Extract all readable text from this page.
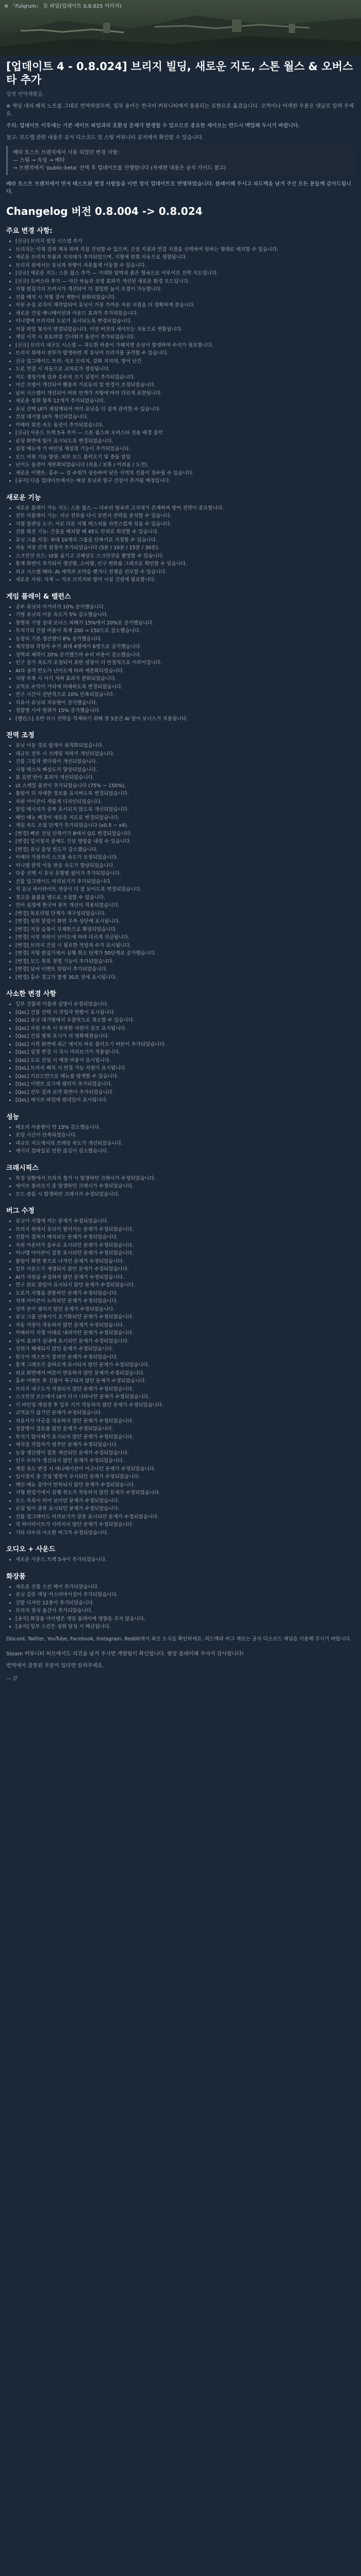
※ 「Fulqrum」 등 파일(업데이트 0.8.025 이미지)
[업데이트 4 - 0.8.024] 브리지 빌딩, 새로운 지도, 스톤 월스 & 오버스타 추가
업뎃 번역해봤음.

※ 게임 내의 패치 노트를 그대로 번역하였으며, 일부 용어는 한국어 커뮤니티에서 통용되는 표현으로 옮겼습니다. 오역이나 어색한 부분은 댓글로 알려 주세요.

주의: 업데이트 이후에는 기존 세이브 파일과의 호환성 문제가 발생할 수 있으므로 중요한 세이브는 반드시 백업해 두시기 바랍니다.

참고: 로드맵 관련 내용은 공식 디스코드 및 스팀 커뮤니티 공지에서 확인할 수 있습니다.

베타 토스트 브랜치에서 사용 되었던 변경 사항:
— 스팀 → 속성 → 베타
→ 브랜치에서 ‘public-beta’ 선택 후 업데이트를 진행합니다 (자세한 내용은 공식 가이드 참고)

베타 토스트 브랜치에서 먼저 테스트된 변경 사항들을 이번 정식 업데이트로 반영하였습니다. 플레이해 주시고 피드백을 남겨 주신 모든 분들께 감사드립니다.

Changelog 버전 0.8.004 -> 0.8.024
주요 변경 사항:
• [신규] 브리지 빌딩 시스템 추가
• 브리지는 이제 강과 계곡 위에 직접 건설할 수 있으며, 건설 지점과 연결 지점을 선택하여 원하는 형태로 배치할 수 있습니다.
• 새로운 브리지 부품과 지지대가 추가되었으며, 지형에 맞춰 자동으로 정렬됩니다.
• 브리지 위에서는 유닛과 차량이 자유롭게 이동할 수 있습니다.
• [신규] 새로운 지도: 스톤 월스 추가 — 거대한 암벽과 좁은 협곡으로 이루어진 전략 지도입니다.
• [신규] 오버스타 추가 — 야간 하늘과 조명 효과가 개선된 새로운 환경 모드입니다.
• 지형 편집기의 브러시가 개선되어 더 정밀한 높이 조절이 가능합니다.
• 건물 배치 시 지형 경사 제한이 완화되었습니다.
• 자원 수집 로직이 재작업되어 유닛이 가장 가까운 자원 지점을 더 정확하게 찾습니다.
• 새로운 건설 애니메이션과 사운드 효과가 추가되었습니다.
• 미니맵에 브리지와 도로가 표시되도록 변경되었습니다.
• 저장 파일 형식이 변경되었습니다. 이전 버전의 세이브는 자동으로 변환됩니다.
• 게임 시작 시 튜토리얼 건너뛰기 옵션이 추가되었습니다.
• [신규] 브리지 내구도 시스템 — 과도한 하중이 가해지면 손상이 발생하며 수리가 필요합니다.
• 브리지 위에서 전투가 발생하면 적 유닛이 브리지를 공격할 수 있습니다.
• 신규 업그레이드 트리: 석조 브리지, 강화 지지대, 방어 난간
• 도로 연결 시 자동으로 교차로가 생성됩니다.
• 지도 생성기에 강과 호수의 크기 설정이 추가되었습니다.
• 야간 조명이 개선되어 횃불과 가로등의 빛 반경이 조정되었습니다.
• 날씨 시스템이 개선되어 비와 안개가 지형에 따라 다르게 표현됩니다.
• 새로운 성취 항목 12개가 추가되었습니다.
• 유닛 선택 UI가 재설계되어 여러 유닛을 더 쉽게 관리할 수 있습니다.
• 건설 대기열 UI가 개선되었습니다.
• 카메라 회전 속도 옵션이 추가되었습니다.
• [신규] 사운드 트랙 5곡 추가 — 스톤 월스와 오버스타 전용 배경 음악
• 로딩 화면에 팁이 표시되도록 변경되었습니다.
• 설정 메뉴에 키 바인딩 재설정 기능이 추가되었습니다.
• 모드 지원 기능 향상: 외부 모드 불러오기 및 충돌 알림
• 난이도 옵션이 세분화되었습니다 (쉬움 / 보통 / 어려움 / 도전).
• 새로운 이벤트: 홍수 — 강 수위가 상승하여 낮은 지역의 건물이 침수될 수 있습니다.
• [공지] 다음 업데이트에서는 해상 유닛과 항구 건설이 추가될 예정입니다.
새로운 기능
• 새로운 플레이 가능 지도: 스톤 월스 — 다수의 협곡과 고지대가 존재하며 방어 전략이 중요합니다.
• 전투 리플레이 기능: 지난 전투를 다시 보면서 전략을 분석할 수 있습니다.
• 지형 블렌딩 도구: 서로 다른 지형 텍스처를 자연스럽게 섞을 수 있습니다.
• 건물 회전 기능: 건물을 배치할 때 45도 단위로 회전할 수 있습니다.
• 유닛 그룹 지정: 최대 10개의 그룹을 단축키로 지정할 수 있습니다.
• 자동 저장 간격 설정이 추가되었습니다 (5분 / 10분 / 15분 / 30분).
• 스크린샷 모드: UI를 숨기고 고해상도 스크린샷을 촬영할 수 있습니다.
• 통계 화면이 추가되어 생산량, 소비량, 인구 변화를 그래프로 확인할 수 있습니다.
• 외교 시스템 베타: AI 세력과 조약을 맺거나 전쟁을 선포할 수 있습니다.
• 새로운 자원: 석재 — 석조 브리지와 방어 시설 건설에 필요합니다.
게임 플레이 & 밸런스
• 궁수 유닛의 사거리가 10% 증가했습니다.
• 기병 유닛의 이동 속도가 5% 감소했습니다.
• 창병의 기병 상대 보너스 피해가 15%에서 20%로 증가했습니다.
• 투석기의 건설 비용이 목재 200 → 150으로 감소했습니다.
• 농장의 기본 생산량이 8% 증가했습니다.
• 채석장의 작업자 수가 최대 4명에서 6명으로 증가했습니다.
• 성벽의 체력이 20% 증가했으며 수리 비용이 감소했습니다.
• 인구 증가 속도가 조정되어 초반 성장이 더 안정적으로 이루어집니다.
• AI의 공격 빈도가 난이도에 따라 세분화되었습니다.
• 식량 부족 시 사기 저하 효과가 완화되었습니다.
• 교역로 수익이 거리에 비례하도록 변경되었습니다.
• 연구 시간이 전반적으로 10% 단축되었습니다.
• 치유사 유닛의 치유량이 증가했습니다.
• 정찰병 시야 범위가 15% 증가했습니다.
• [밸런스] 초반 러시 전략을 억제하기 위해 첫 5분간 AI 방어 보너스가 적용됩니다.
전역 조정
• 유닛 이동 경로 탐색이 최적화되었습니다.
• 대규모 전투 시 프레임 저하가 개선되었습니다.
• 건물 그림자 렌더링이 개선되었습니다.
• 지형 텍스처 해상도가 향상되었습니다.
• 물 표면 반사 효과가 개선되었습니다.
• UI 스케일 옵션이 추가되었습니다 (75% ~ 150%).
• 툴팁이 더 자세한 정보를 표시하도록 변경되었습니다.
• 자원 아이콘이 새롭게 디자인되었습니다.
• 알림 메시지가 중복 표시되지 않도록 개선되었습니다.
• 메인 메뉴 배경이 새로운 지도로 변경되었습니다.
• 게임 속도 조절 단계가 추가되었습니다 (x0.5 ~ x4).
• [변경] 빠른 건설 단축키가 B에서 Q로 변경되었습니다.
• [변경] 일시정지 중에도 건설 명령을 내릴 수 있습니다.
• [변경] 유닛 음성 빈도가 감소했습니다.
• 카메라 가장자리 스크롤 속도가 조정되었습니다.
• 미니맵 클릭 이동 반응 속도가 향상되었습니다.
• 다중 선택 시 유닛 유형별 필터가 추가되었습니다.
• 건물 업그레이드 미리보기가 추가되었습니다.
• 적 유닛 하이라이트 색상이 더 잘 보이도록 변경되었습니다.
• 경고음 볼륨을 별도로 조절할 수 있습니다.
• 언어 설정에 한국어 폰트 개선이 적용되었습니다.
• [변경] 튜토리얼 단계가 재구성되었습니다.
• [변경] 성취 알림이 화면 우측 상단에 표시됩니다.
• [변경] 저장 슬롯이 무제한으로 확장되었습니다.
• [변경] 시작 자원이 난이도에 따라 다르게 지급됩니다.
• [변경] 브리지 건설 시 필요한 작업자 수가 표시됩니다.
• [변경] 지형 편집기에서 실행 취소 단계가 50단계로 증가했습니다.
• [변경] 모드 목록 정렬 기능이 추가되었습니다.
• [변경] 날씨 이벤트 알림이 추가되었습니다.
• [변경] 홍수 경고가 발생 30초 전에 표시됩니다.
사소한 변경 사항
• 일부 건물의 이름과 설명이 수정되었습니다.
• [QoL] 건물 선택 시 작업자 현황이 표시됩니다.
• [QoL] 유닛 대기열에서 우클릭으로 취소할 수 있습니다.
• [QoL] 자원 부족 시 부족한 자원이 강조 표시됩니다.
• [QoL] 건설 범위 표시가 더 명확해졌습니다.
• [QoL] 시작 화면에 최근 세이브 바로 불러오기 버튼이 추가되었습니다.
• [QoL] 설정 변경 시 즉시 미리보기가 적용됩니다.
• [QoL] 도로 건설 시 예상 비용이 표시됩니다.
• [QoL] 브리지 배치 시 연결 가능 지점이 표시됩니다.
• [QoL] 키보드만으로 메뉴를 탐색할 수 있습니다.
• [QoL] 이벤트 로그에 필터가 추가되었습니다.
• [QoL] 전투 결과 요약 화면이 추가되었습니다.
• [QoL] 세이브 파일에 썸네일이 표시됩니다.
성능
• 메모리 사용량이 약 15% 감소했습니다.
• 로딩 시간이 단축되었습니다.
• 대규모 지도에서의 프레임 속도가 개선되었습니다.
• 셰이더 컴파일로 인한 끊김이 감소했습니다.
크래시픽스
• 특정 상황에서 브리지 철거 시 발생하던 크래시가 수정되었습니다.
• 세이브 불러오기 중 발생하던 크래시가 수정되었습니다.
• 모드 충돌 시 발생하던 크래시가 수정되었습니다.
버그 수정
• 유닛이 지형에 끼는 문제가 수정되었습니다.
• 브리지 위에서 유닛이 떨어지는 문제가 수정되었습니다.
• 건물이 겹쳐서 배치되는 문제가 수정되었습니다.
• 자원 카운터가 음수로 표시되던 문제가 수정되었습니다.
• 미니맵 아이콘이 잘못 표시되던 문제가 수정되었습니다.
• 툴팁이 화면 밖으로 나가던 문제가 수정되었습니다.
• 일부 사운드가 재생되지 않던 문제가 수정되었습니다.
• AI가 자원을 수집하지 않던 문제가 수정되었습니다.
• 연구 완료 알림이 표시되지 않던 문제가 수정되었습니다.
• 도로가 지형을 관통하던 문제가 수정되었습니다.
• 석재 아이콘이 누락되던 문제가 수정되었습니다.
• 성벽 문이 열리지 않던 문제가 수정되었습니다.
• 유닛 그룹 단축키가 초기화되던 문제가 수정되었습니다.
• 자동 저장이 작동하지 않던 문제가 수정되었습니다.
• 카메라가 지형 아래로 내려가던 문제가 수정되었습니다.
• 날씨 효과가 실내에 표시되던 문제가 수정되었습니다.
• 성취가 해제되지 않던 문제가 수정되었습니다.
• 한국어 텍스트가 잘리던 문제가 수정되었습니다.
• 통계 그래프가 올바르게 표시되지 않던 문제가 수정되었습니다.
• 외교 화면에서 버튼이 반응하지 않던 문제가 수정되었습니다.
• 홍수 이벤트 후 건물이 복구되지 않던 문제가 수정되었습니다.
• 브리지 내구도가 저장되지 않던 문제가 수정되었습니다.
• 스크린샷 모드에서 UI가 다시 나타나던 문제가 수정되었습니다.
• 키 바인딩 재설정 후 일부 키가 작동하지 않던 문제가 수정되었습니다.
• 교역로가 끊기던 문제가 수정되었습니다.
• 치유사가 아군을 치유하지 않던 문제가 수정되었습니다.
• 정찰병이 경로를 잃던 문제가 수정되었습니다.
• 투석기 발사체가 표시되지 않던 문제가 수정되었습니다.
• 채석장 작업자가 멈추던 문제가 수정되었습니다.
• 농장 생산량이 잘못 계산되던 문제가 수정되었습니다.
• 인구 수치가 갱신되지 않던 문제가 수정되었습니다.
• 게임 속도 변경 시 애니메이션이 어긋나던 문제가 수정되었습니다.
• 일시정지 중 건설 명령이 무시되던 문제가 수정되었습니다.
• 메인 메뉴 음악이 반복되지 않던 문제가 수정되었습니다.
• 지형 편집기에서 실행 취소가 작동하지 않던 문제가 수정되었습니다.
• 모드 목록이 비어 보이던 문제가 수정되었습니다.
• 로딩 팁이 중복 표시되던 문제가 수정되었습니다.
• 건물 업그레이드 미리보기가 잘못 표시되던 문제가 수정되었습니다.
• 적 하이라이트가 사라지지 않던 문제가 수정되었습니다.
• 기타 다수의 사소한 버그가 수정되었습니다.
오디오 + 사운드
• 새로운 사운드 트랙 5곡이 추가되었습니다.
화장품
• 새로운 건물 스킨 팩이 추가되었습니다.
• 유닛 갑옷 색상 커스터마이징이 추가되었습니다.
• 깃발 디자인 12종이 추가되었습니다.
• 브리지 장식 옵션이 추가되었습니다.
• [공지] 화장품 아이템은 게임 플레이에 영향을 주지 않습니다.
• [공지] 일부 스킨은 성취 달성 시 해금됩니다.
Discord, Twitter, YouTube, Facebook, Instagram, Reddit에서 최신 소식을 확인하세요. 피드백과 버그 제보는 공식 디스코드 채널을 이용해 주시기 바랍니다.

Steam 커뮤니티 허브에서도 의견을 남겨 주시면 개발팀이 확인합니다. 항상 플레이해 주셔서 감사합니다!

번역에서 잘못된 부분이 있다면 알려주세요.

— 끝
